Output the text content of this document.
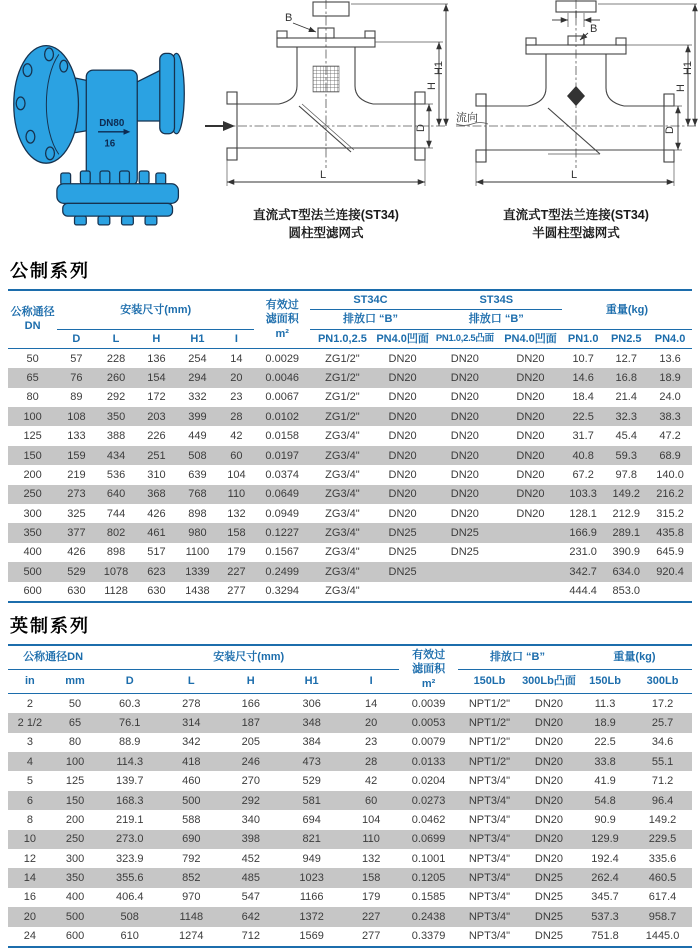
DN80
16
B
D
H
H1
L
直流式T型法兰连接(ST34)
圆柱型滤网式
I
B
流向
D
H
H1
L
直流式T型法兰连接(ST34)
半圆柱型滤网式
公制系列
公称通径
DN	安装尺寸(mm)					有效过
滤面积
m²	ST34C		ST34S		重量(kg)		
							排放口 “B”		排放口 “B”				
	D	L	H	H1	I		PN1.0,2.5	PN4.0凹面	PN1.0,2.5凸面	PN4.0凹面	PN1.0	PN2.5	PN4.0
50	57	228	136	254	14	0.0029	ZG1/2"	DN20	DN20	DN20	10.7	12.7	13.6
65	76	260	154	294	20	0.0046	ZG1/2"	DN20	DN20	DN20	14.6	16.8	18.9
80	89	292	172	332	23	0.0067	ZG1/2"	DN20	DN20	DN20	18.4	21.4	24.0
100	108	350	203	399	28	0.0102	ZG1/2"	DN20	DN20	DN20	22.5	32.3	38.3
125	133	388	226	449	42	0.0158	ZG3/4"	DN20	DN20	DN20	31.7	45.4	47.2
150	159	434	251	508	60	0.0197	ZG3/4"	DN20	DN20	DN20	40.8	59.3	68.9
200	219	536	310	639	104	0.0374	ZG3/4"	DN20	DN20	DN20	67.2	97.8	140.0
250	273	640	368	768	110	0.0649	ZG3/4"	DN20	DN20	DN20	103.3	149.2	216.2
300	325	744	426	898	132	0.0949	ZG3/4"	DN20	DN20	DN20	128.1	212.9	315.2
350	377	802	461	980	158	0.1227	ZG3/4"	DN25	DN25		166.9	289.1	435.8
400	426	898	517	1100	179	0.1567	ZG3/4"	DN25	DN25		231.0	390.9	645.9
500	529	1078	623	1339	227	0.2499	ZG3/4"	DN25			342.7	634.0	920.4
600	630	1128	630	1438	277	0.3294	ZG3/4"				444.4	853.0	
英制系列
公称通径DN		安装尺寸(mm)					有效过
滤面积
m²	排放口 “B”		重量(kg)	
in	mm	D	L	H	H1	I		150Lb	300Lb凸面	150Lb	300Lb
2	50	60.3	278	166	306	14	0.0039	NPT1/2"	DN20	11.3	17.2
2 1/2	65	76.1	314	187	348	20	0.0053	NPT1/2"	DN20	18.9	25.7
3	80	88.9	342	205	384	23	0.0079	NPT1/2"	DN20	22.5	34.6
4	100	114.3	418	246	473	28	0.0133	NPT1/2"	DN20	33.8	55.1
5	125	139.7	460	270	529	42	0.0204	NPT3/4"	DN20	41.9	71.2
6	150	168.3	500	292	581	60	0.0273	NPT3/4"	DN20	54.8	96.4
8	200	219.1	588	340	694	104	0.0462	NPT3/4"	DN20	90.9	149.2
10	250	273.0	690	398	821	110	0.0699	NPT3/4"	DN20	129.9	229.5
12	300	323.9	792	452	949	132	0.1001	NPT3/4"	DN20	192.4	335.6
14	350	355.6	852	485	1023	158	0.1205	NPT3/4"	DN25	262.4	460.5
16	400	406.4	970	547	1166	179	0.1585	NPT3/4"	DN25	345.7	617.4
20	500	508	1148	642	1372	227	0.2438	NPT3/4"	DN25	537.3	958.7
24	600	610	1274	712	1569	277	0.3379	NPT3/4"	DN25	751.8	1445.0
